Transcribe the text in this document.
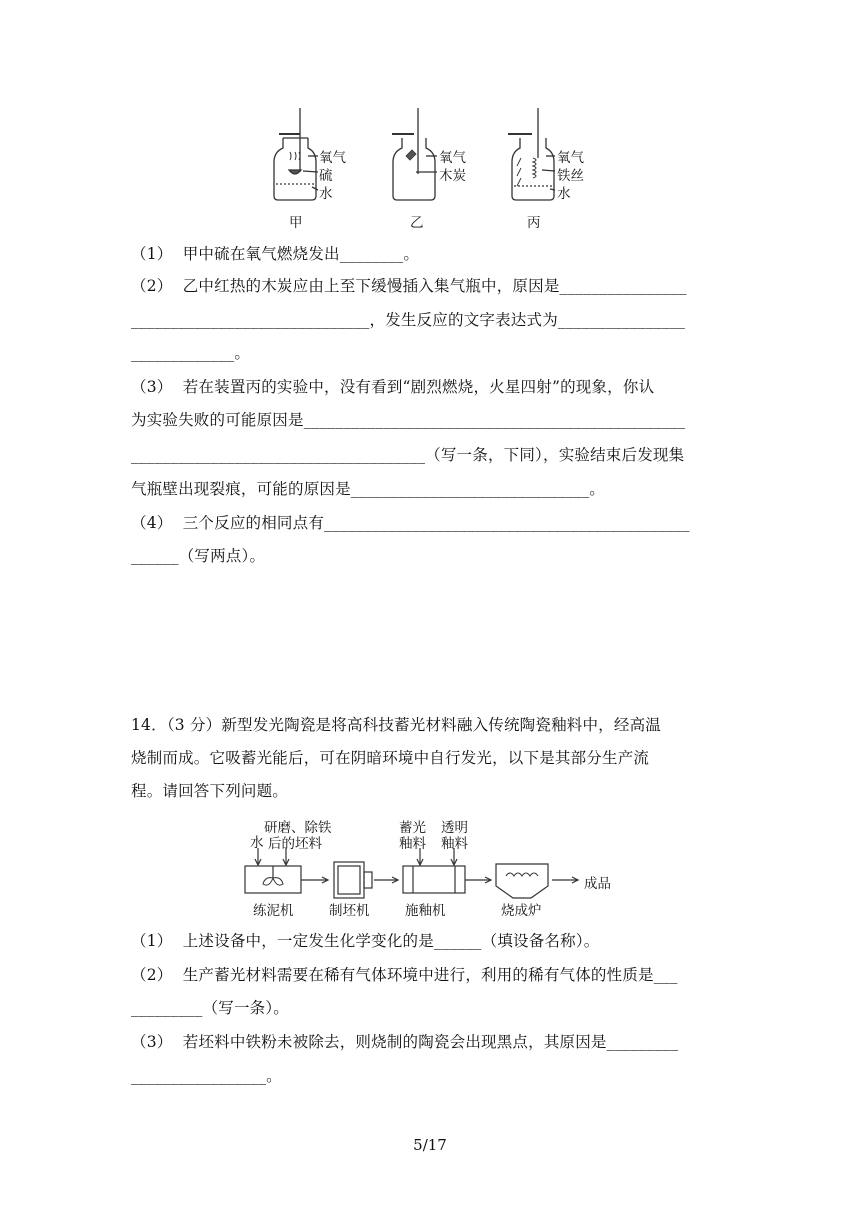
氧气
硫
水
甲
氧气
木炭
乙
氧气
铁丝
水
丙
（1）  甲中硫在氧气燃烧发出________。
（2）  乙中红热的木炭应由上至下缓慢插入集气瓶中，原因是________________
______________________________，发生反应的文字表达式为________________
_____________。
（3）  若在装置丙的实验中，没有看到“剧烈燃烧，火星四射”的现象，你认
为实验失败的可能原因是________________________________________________
_____________________________________（写一条，下同），实验结束后发现集
气瓶壁出现裂痕，可能的原因是______________________________。
（4）  三个反应的相同点有______________________________________________
______（写两点）。
14．（3 分）新型发光陶瓷是将高科技蓄光材料融入传统陶瓷釉料中，经高温
烧制而成。它吸蓄光能后，可在阴暗环境中自行发光，以下是其部分生产流
程。请回答下列问题。
水
研磨、除铁
后的坯料
蓄光
釉料
透明
釉料
练泥机	制坯机	施釉机	烧成炉
成品
（1）  上述设备中，一定发生化学变化的是______（填设备名称）。
（2）  生产蓄光材料需要在稀有气体环境中进行，利用的稀有气体的性质是___
_________（写一条）。
（3）  若坯料中铁粉未被除去，则烧制的陶瓷会出现黑点，其原因是_________
_________________。
5/17
